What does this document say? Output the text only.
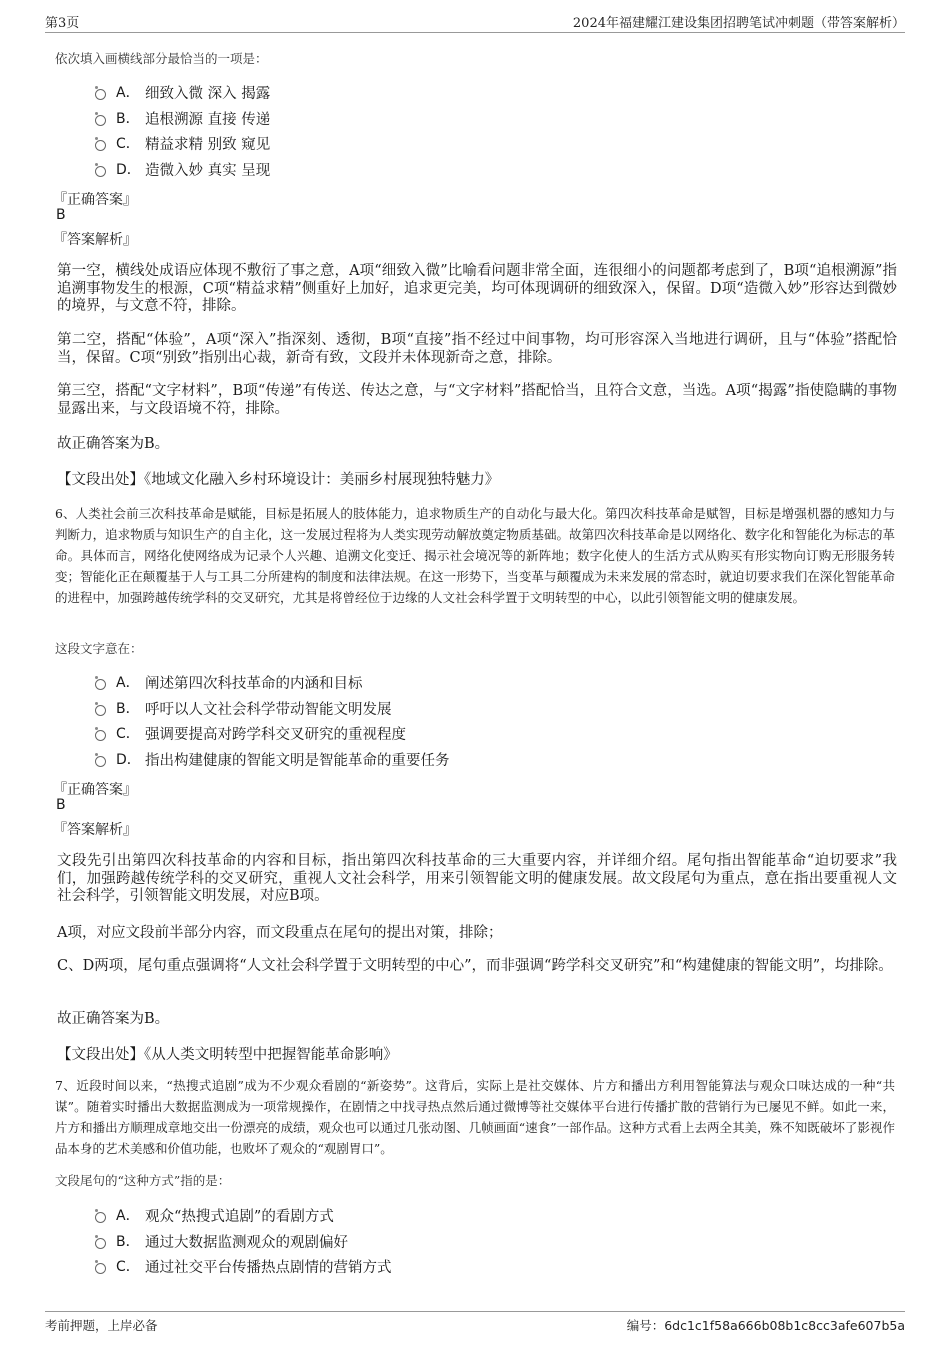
第3页	2024年福建耀江建设集团招聘笔试冲刺题（带答案解析）
依次填入画横线部分最恰当的一项是：
A． 细致入微 深入 揭露
B． 追根溯源 直接 传递
C． 精益求精 别致 窥见
D． 造微入妙 真实 呈现
『正确答案』
B
『答案解析』
第一空，横线处成语应体现不敷衍了事之意，A项“细致入微”比喻看问题非常全面，连很细小的问题都考虑到了，B项“追根溯源”指追溯事物发生的根源，C项“精益求精”侧重好上加好，追求更完美，均可体现调研的细致深入，保留。D项“造微入妙”形容达到微妙的境界，与文意不符，排除。
第二空，搭配“体验”，A项“深入”指深刻、透彻，B项“直接”指不经过中间事物，均可形容深入当地进行调研，且与“体验”搭配恰当，保留。C项“别致”指别出心裁，新奇有致，文段并未体现新奇之意，排除。
第三空，搭配“文字材料”，B项“传递”有传送、传达之意，与“文字材料”搭配恰当，且符合文意，当选。A项“揭露”指使隐瞒的事物显露出来，与文段语境不符，排除。
故正确答案为B。
【文段出处】《地域文化融入乡村环境设计：美丽乡村展现独特魅力》
6、人类社会前三次科技革命是赋能，目标是拓展人的肢体能力，追求物质生产的自动化与最大化。第四次科技革命是赋智，目标是增强机器的感知力与判断力，追求物质与知识生产的自主化，这一发展过程将为人类实现劳动解放奠定物质基础。故第四次科技革命是以网络化、数字化和智能化为标志的革命。具体而言，网络化使网络成为记录个人兴趣、追溯文化变迁、揭示社会境况等的新阵地；数字化使人的生活方式从购买有形实物向订购无形服务转变；智能化正在颠覆基于人与工具二分所建构的制度和法律法规。在这一形势下，当变革与颠覆成为未来发展的常态时，就迫切要求我们在深化智能革命的进程中，加强跨越传统学科的交叉研究，尤其是将曾经位于边缘的人文社会科学置于文明转型的中心，以此引领智能文明的健康发展。
这段文字意在：
A． 阐述第四次科技革命的内涵和目标
B． 呼吁以人文社会科学带动智能文明发展
C． 强调要提高对跨学科交叉研究的重视程度
D． 指出构建健康的智能文明是智能革命的重要任务
『正确答案』
B
『答案解析』
文段先引出第四次科技革命的内容和目标，指出第四次科技革命的三大重要内容，并详细介绍。尾句指出智能革命“迫切要求”我们，加强跨越传统学科的交叉研究，重视人文社会科学，用来引领智能文明的健康发展。故文段尾句为重点，意在指出要重视人文社会科学，引领智能文明发展，对应B项。
A项，对应文段前半部分内容，而文段重点在尾句的提出对策，排除；
C、D两项，尾句重点强调将“人文社会科学置于文明转型的中心”，而非强调“跨学科交叉研究”和“构建健康的智能文明”，均排除。
故正确答案为B。
【文段出处】《从人类文明转型中把握智能革命影响》
7、近段时间以来，“热搜式追剧”成为不少观众看剧的“新姿势”。这背后，实际上是社交媒体、片方和播出方利用智能算法与观众口味达成的一种“共谋”。随着实时播出大数据监测成为一项常规操作，在剧情之中找寻热点然后通过微博等社交媒体平台进行传播扩散的营销行为已屡见不鲜。如此一来，片方和播出方顺理成章地交出一份漂亮的成绩，观众也可以通过几张动图、几帧画面“速食”一部作品。这种方式看上去两全其美，殊不知既破坏了影视作品本身的艺术美感和价值功能，也败坏了观众的“观剧胃口”。
文段尾句的“这种方式”指的是：
A． 观众“热搜式追剧”的看剧方式
B． 通过大数据监测观众的观剧偏好
C． 通过社交平台传播热点剧情的营销方式
考前押题，上岸必备	编号：6dc1c1f58a666b08b1c8cc3afe607b5a
